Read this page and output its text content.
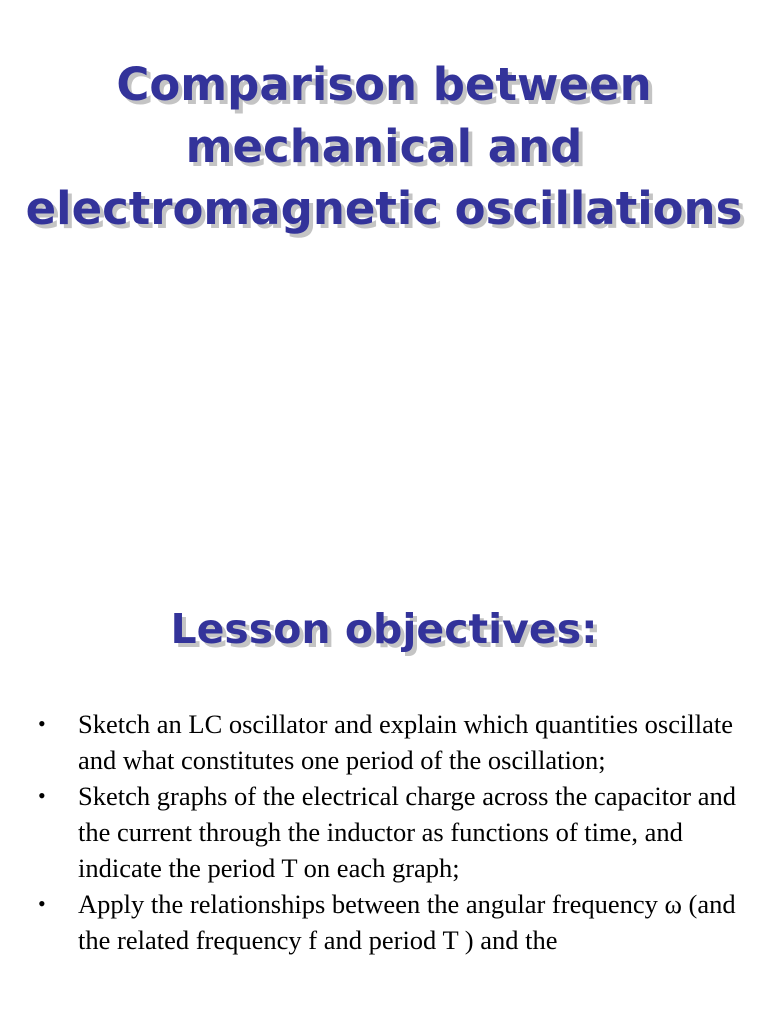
Comparison between
mechanical and
electromagnetic oscillations
Lesson objectives:
• Sketch an LC oscillator and explain which quantities oscillate and what constitutes one period of the oscillation;
• Sketch graphs of the electrical charge across the capacitor and the current through the inductor as functions of time, and indicate the period T on each graph;
• Apply the relationships between the angular frequency ω (and the related frequency f and period T ) and the
